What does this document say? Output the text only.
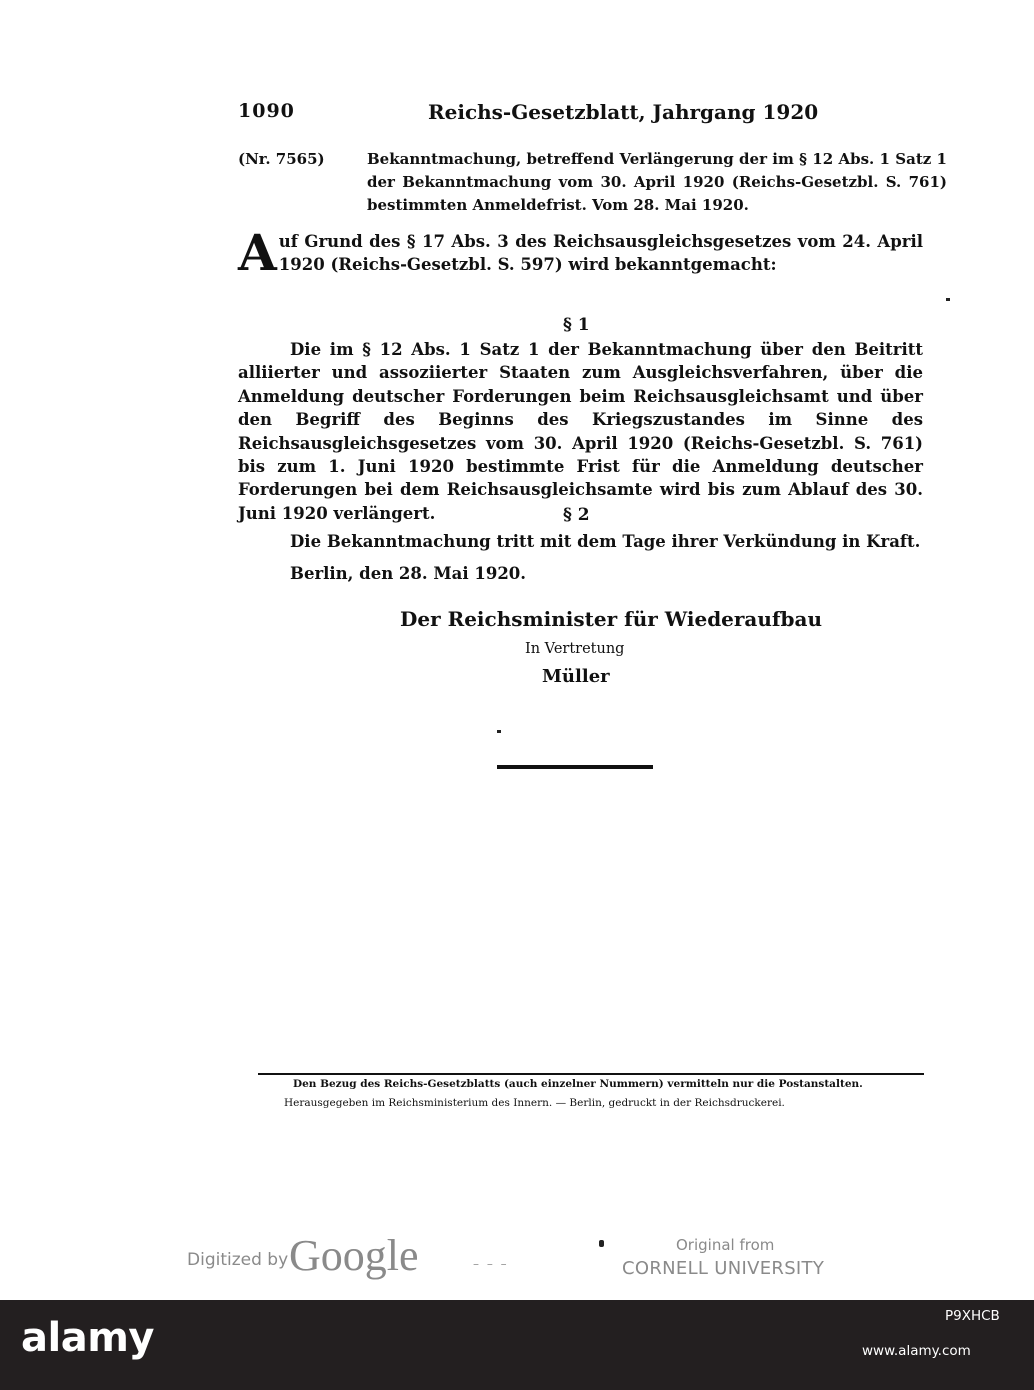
1090	Reichs-Gesetzblatt, Jahrgang 1920
(Nr. 7565)	Bekanntmachung, betreffend Verlängerung der im § 12 Abs. 1 Satz 1 der Bekanntmachung vom 30. April 1920 (Reichs-Gesetzbl. S. 761) bestimmten Anmeldefrist. Vom 28. Mai 1920.
Auf Grund des § 17 Abs. 3 des Reichsausgleichsgesetzes vom 24. April 1920 (Reichs-Gesetzbl. S. 597) wird bekanntgemacht:
§ 1
Die im § 12 Abs. 1 Satz 1 der Bekanntmachung über den Beitritt alliierter und assoziierter Staaten zum Ausgleichsverfahren, über die Anmeldung deutscher Forderungen beim Reichsausgleichsamt und über den Begriff des Beginns des Kriegszustandes im Sinne des Reichsausgleichsgesetzes vom 30. April 1920 (Reichs-Gesetzbl. S. 761) bis zum 1. Juni 1920 bestimmte Frist für die Anmeldung deutscher Forderungen bei dem Reichsausgleichsamte wird bis zum Ablauf des 30. Juni 1920 verlängert.	§ 2
Die Bekanntmachung tritt mit dem Tage ihrer Verkündung in Kraft.
Berlin, den 28. Mai 1920.
Der Reichsminister für Wiederaufbau
In Vertretung
Müller
Den Bezug des Reichs-Gesetzblatts (auch einzelner Nummern) vermitteln nur die Postanstalten.
Herausgegeben im Reichsministerium des Innern. — Berlin, gedruckt in der Reichsdruckerei.
Digitized by Google	– – –
Original from
CORNELL UNIVERSITY
alamy	P9XHCB
www.alamy.com
